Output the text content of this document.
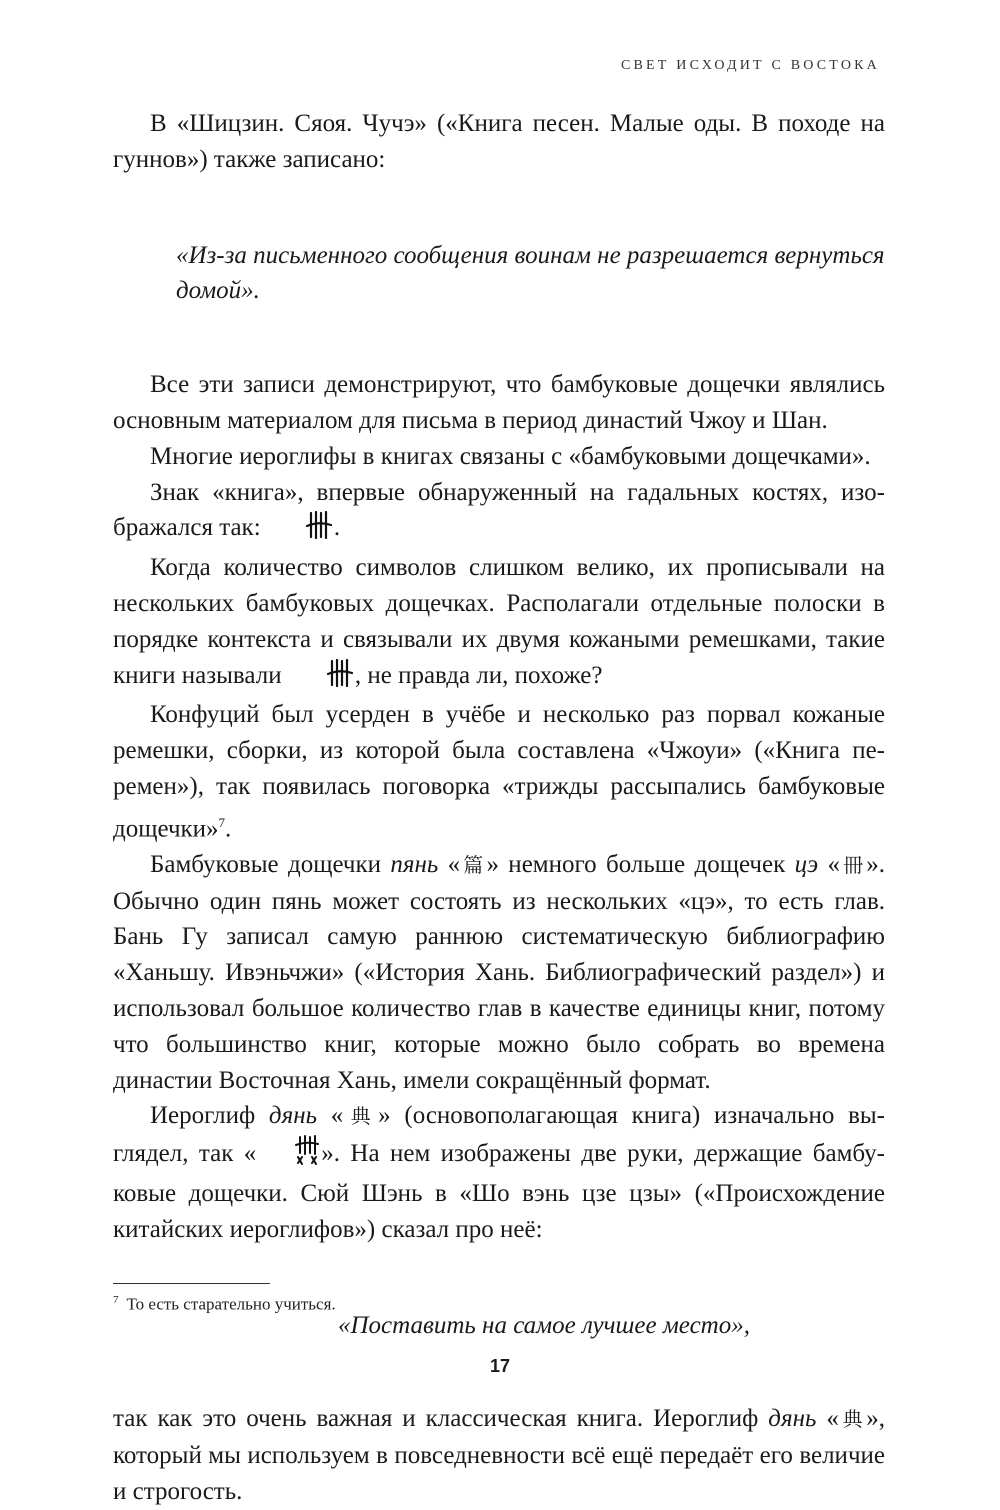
СВЕТ ИСХОДИТ С ВОСТОКА

В «Шицзин. Сяоя. Чучэ» («Книга песен. Малые оды. В походе на гуннов») также записано:

«Из-за письменного сообщения воинам не разрешается вернуться домой».

Все эти записи демонстрируют, что бамбуковые дощечки являлись основным материалом для письма в период династий Чжоу и Шан.

Многие иероглифы в книгах связаны с «бамбуковыми дощечками».

Знак «книга», впервые обнаруженный на гадальных костях, изображался так:	.

Когда количество символов слишком велико, их прописывали на нескольких бамбуковых дощечках. Располагали отдельные полоски в порядке контекста и связывали их двумя кожаными ремешками, такие книги называли	, не правда ли, похоже?

Конфуций был усерден в учёбе и несколько раз порвал кожаные ремешки, сборки, из которой была составлена «Чжоуи» («Книга перемен»), так появилась поговорка «трижды рассыпались бамбуковые дощечки»$^7$.

Бамбуковые дощечки пянь «篇» немного больше дощечек цэ «冊». Обычно один пянь может состоять из нескольких «цэ», то есть глав. Бань Гу записал самую раннюю систематическую библиографию «Ханьшу. Ивэньчжи» («История Хань. Библиографический раздел») и использовал большое количество глав в качестве единицы книг, потому что большинство книг, которые можно было собрать во времена династии Восточная Хань, имели сокращённый формат.

Иероглиф дянь «典» (основополагающая книга) изначально выглядел, так «	». На нем изображены две руки, держащие бамбуковые дощечки. Сюй Шэнь в «Шо вэнь цзе цзы» («Происхождение китайских иероглифов») сказал про неё:

«Поставить на самое лучшее место»,

так как это очень важная и классическая книга. Иероглиф дянь «典», который мы используем в повседневности всё ещё передаёт его величие и строгость.

$^7$ То есть старательно учиться.
17
